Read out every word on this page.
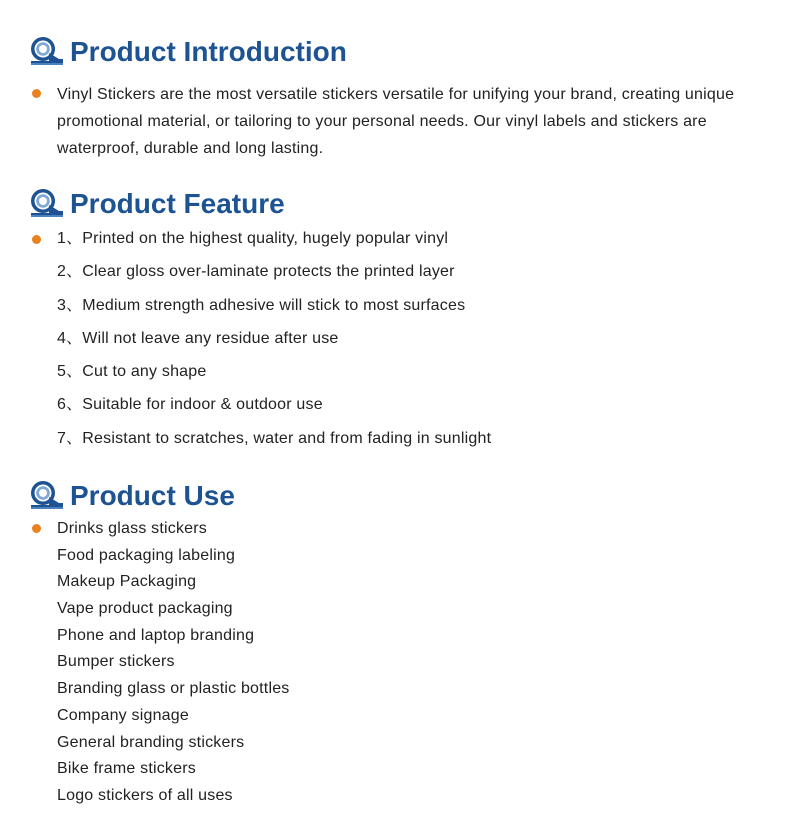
Product Introduction
Vinyl Stickers are the most versatile stickers versatile for unifying your brand, creating unique promotional material, or tailoring to your personal needs. Our vinyl labels and stickers are waterproof, durable and long lasting.
Product Feature
1、Printed on the highest quality, hugely popular vinyl
2、Clear gloss over-laminate protects the printed layer
3、Medium strength adhesive will stick to most surfaces
4、Will not leave any residue after use
5、Cut to any shape
6、Suitable for indoor & outdoor use
7、Resistant to scratches, water and from fading in sunlight
Product Use
Drinks glass stickers
Food packaging labeling
Makeup Packaging
Vape product packaging
Phone and laptop branding
Bumper stickers
Branding glass or plastic bottles
Company signage
General branding stickers
Bike frame stickers
Logo stickers of all uses
